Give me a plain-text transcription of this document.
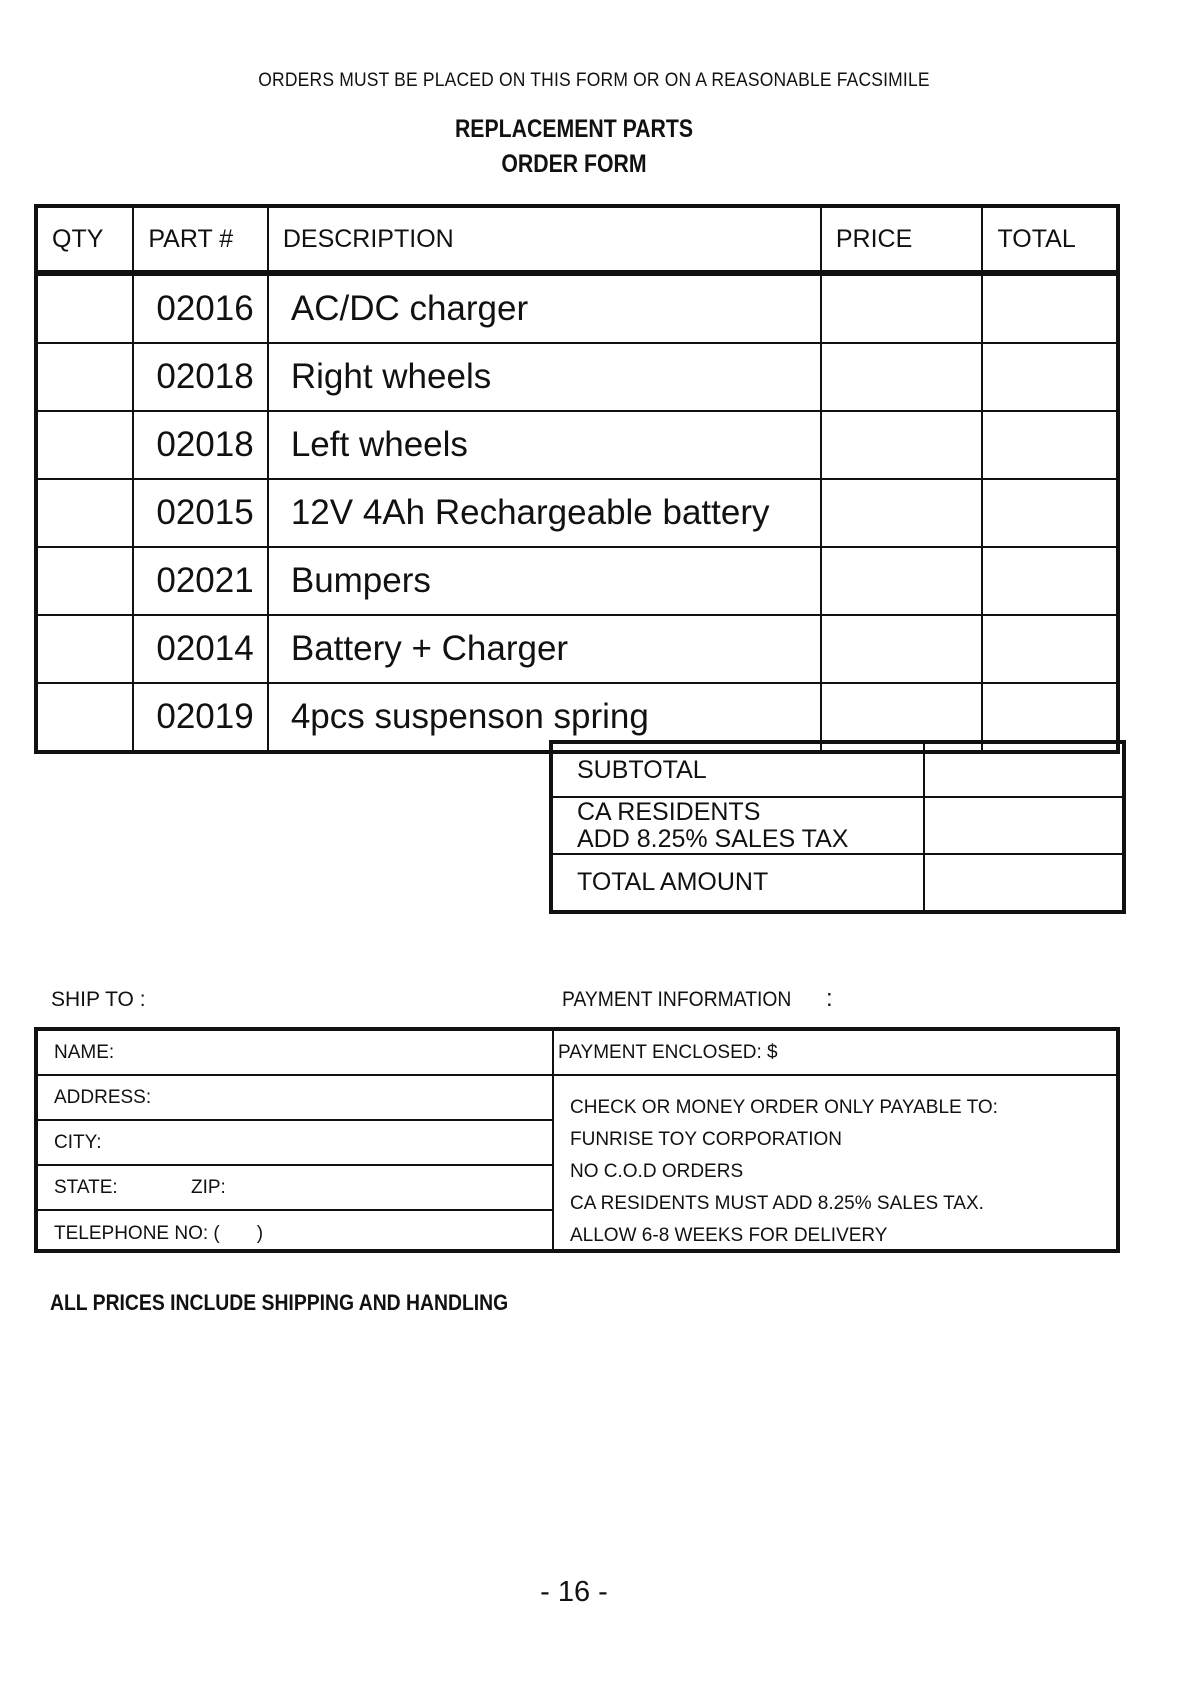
ORDERS MUST BE PLACED ON THIS FORM OR ON A REASONABLE FACSIMILE
REPLACEMENT PARTS
ORDER FORM
QTY	PART #	DESCRIPTION	PRICE	TOTAL
	02016	AC/DC charger		
	02018	Right wheels		
	02018	Left wheels		
	02015	12V 4Ah Rechargeable battery		
	02021	Bumpers		
	02014	Battery + Charger		
	02019	4pcs suspenson spring		
SUBTOTAL	
CA RESIDENTS
ADD 8.25% SALES TAX	
TOTAL AMOUNT	
SHIP TO :	PAYMENT INFORMATION :
NAME:
ADDRESS:
CITY:
STATE:	ZIP:
TELEPHONE NO: (       )
PAYMENT ENCLOSED: $
CHECK OR MONEY ORDER ONLY PAYABLE TO:
FUNRISE TOY CORPORATION
NO C.O.D ORDERS
CA RESIDENTS MUST ADD 8.25% SALES TAX.
ALLOW 6-8 WEEKS FOR DELIVERY
ALL PRICES INCLUDE SHIPPING AND HANDLING
- 16 -
